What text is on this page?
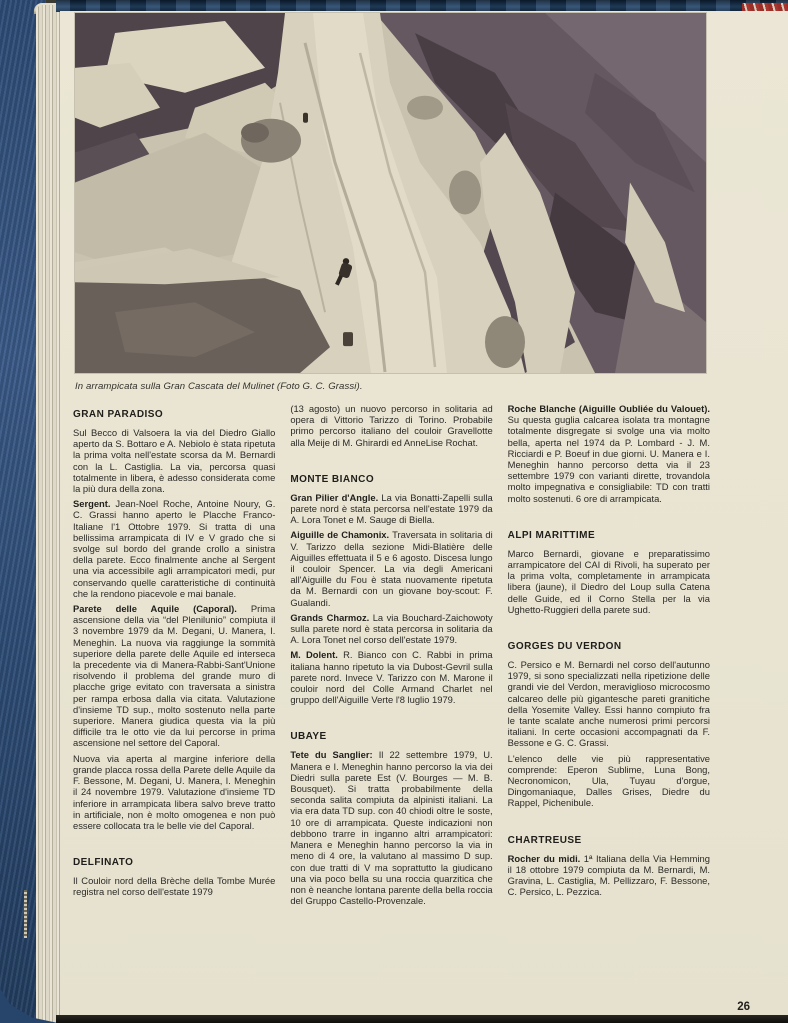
In arrampicata sulla Gran Cascata del Mulinet (Foto G. C. Grassi).
GRAN PARADISO

Sul Becco di Valsoera la via del Diedro Giallo aperto da S. Bottaro e A. Nebiolo è stata ripetuta la prima volta nell'estate scorsa da M. Bernardi con la L. Castiglia. La via, percorsa quasi totalmente in libera, è adesso considerata come la più dura della zona.

Sergent. Jean-Noel Roche, Antoine Noury, G. C. Grassi hanno aperto le Placche Franco-Italiane l'1 Ottobre 1979. Si tratta di una bellissima arrampicata di IV e V grado che si svolge sul bordo del grande crollo a sinistra della parete. Ecco finalmente anche al Sergent una via accessibile agli arrampicatori medi, pur conservando quelle caratteristiche di continuità che la rendono piacevole e mai banale.

Parete delle Aquile (Caporal). Prima ascensione della via “del Plenilunio” compiuta il 3 novembre 1979 da M. Degani, U. Manera, I. Meneghin. La nuova via raggiunge la sommità superiore della parete delle Aquile ed interseca la precedente via di Manera-Rabbi-Sant'Unione risolvendo il problema del grande muro di placche grige evitato con traversata a sinistra per rampa erbosa dalla via citata. Valutazione d'insieme TD sup., molto sostenuto nella parte superiore. Manera giudica questa via la più difficile tra le otto vie da lui percorse in prima ascensione nel settore del Caporal.

Nuova via aperta al margine inferiore della grande placca rossa della Parete delle Aquile da F. Bessone, M. Degani, U. Manera, I. Meneghin il 24 novembre 1979. Valutazione d'insieme TD inferiore in arrampicata libera salvo breve tratto in artificiale, non è molto omogenea e non può essere collocata tra le belle vie del Caporal.

DELFINATO

Il Couloir nord della Brèche della Tombe Murée registra nel corso dell'estate 1979

(13 agosto) un nuovo percorso in solitaria ad opera di Vittorio Tarizzo di Torino. Probabile primo percorso italiano del couloir Gravellotte alla Meije di M. Ghirardi ed AnneLise Rochat.

MONTE BIANCO

Gran Pilier d'Angle. La via Bonatti-Zapelli sulla parete nord è stata percorsa nell'estate 1979 da A. Lora Tonet e M. Sauge di Biella.

Aiguille de Chamonix. Traversata in solitaria di V. Tarizzo della sezione Midi-Blatière delle Aiguilles effettuata il 5 e 6 agosto. Discesa lungo il couloir Spencer. La via degli Americani all'Aiguille du Fou è stata nuovamente ripetuta da M. Bernardi con un giovane boy-scout: F. Gualandi.

Grands Charmoz. La via Bouchard-Zaichowoty sulla parete nord è stata percorsa in solitaria da A. Lora Tonet nel corso dell'estate 1979.

M. Dolent. R. Bianco con C. Rabbi in prima italiana hanno ripetuto la via Dubost-Gevril sulla parete nord. Invece V. Tarizzo con M. Marone il couloir nord del Colle Armand Charlet nel gruppo dell'Aiguille Verte l'8 luglio 1979.

UBAYE

Tete du Sanglier: Il 22 settembre 1979, U. Manera e I. Meneghin hanno percorso la via dei Diedri sulla parete Est (V. Bourges — M. B. Bousquet). Si tratta probabilmente della seconda salita compiuta da alpinisti italiani. La via era data TD sup. con 40 chiodi oltre le soste, 10 ore di arrampicata. Queste indicazioni non debbono trarre in inganno altri arrampicatori: Manera e Meneghin hanno percorso la via in meno di 4 ore, la valutano al massimo D sup. con due tratti di V ma soprattutto la giudicano una via poco bella su una roccia quarzitica che non è neanche lontana parente della bella roccia del Gruppo Castello-Provenzale.

Roche Blanche (Aiguille Oubliée du Valouet). Su questa guglia calcarea isolata tra montagne totalmente disgregate si svolge una via molto bella, aperta nel 1974 da P. Lombard - J. M. Ricciardi e P. Boeuf in due giorni. U. Manera e I. Meneghin hanno percorso detta via il 23 settembre 1979 con varianti dirette, trovandola molto impegnativa e consigliabile: TD con tratti molto sostenuti. 6 ore di arrampicata.

ALPI MARITTIME

Marco Bernardi, giovane e preparatissimo arrampicatore del CAI di Rivoli, ha superato per la prima volta, completamente in arrampicata libera (jaune), il Diedro del Loup sulla Catena delle Guide, ed il Corno Stella per la via Ughetto-Ruggieri della parete sud.

GORGES DU VERDON

C. Persico e M. Bernardi nel corso dell'autunno 1979, si sono specializzati nella ripetizione delle grandi vie del Verdon, meraviglioso microcosmo calcareo delle più gigantesche pareti granitiche della Yosemite Valley. Essi hanno compiuto fra le tante scalate anche numerosi primi percorsi italiani. In certe occasioni accompagnati da F. Bessone e G. C. Grassi.

L'elenco delle vie più rappresentative comprende: Eperon Sublime, Luna Bong, Necronomicon, Ula, Tuyau d'orgue, Dingomaniaque, Dalles Grises, Diedre du Rappel, Pichenibule.

CHARTREUSE

Rocher du midi. 1ª Italiana della Via Hemming il 18 ottobre 1979 compiuta da M. Bernardi, M. Gravina, L. Castiglia, M. Pellizzaro, F. Bessone, C. Persico, L. Pezzica.

26
